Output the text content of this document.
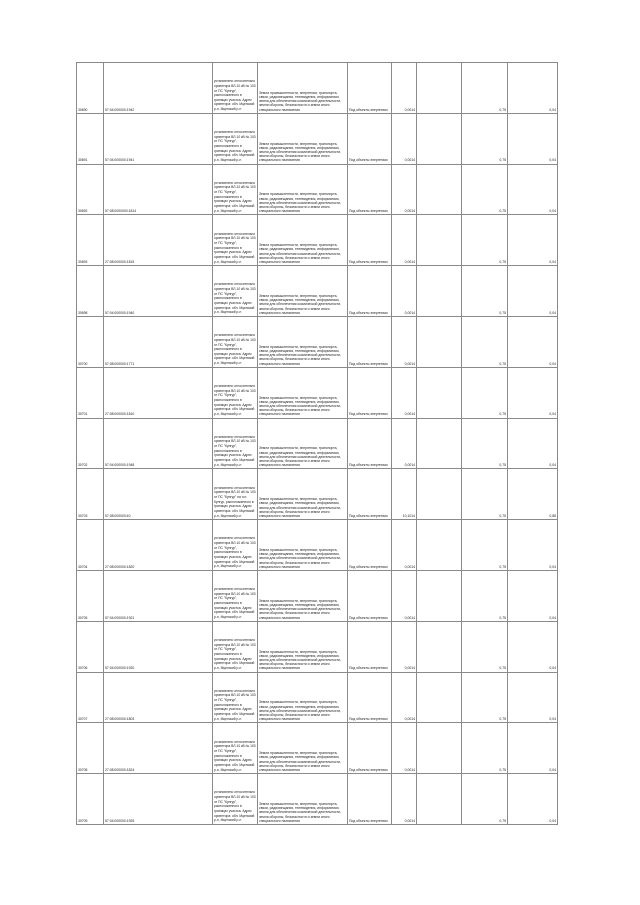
30690	57:04:000000:1942	установлено относительно ориентира ВЛ-10 кВ № 103 от ПС "Кунгур", расположенного в границах участка. Адрес ориентира: обл. Мценский р-н, Мценский р-н	Земли промышленности, энергетики, транспорта, связи, радиовещания, телевидения, информатики, земли для обеспечения космической деятельности, земли обороны, безопасности и земли иного специального назначения	Под объекты энергетики	0,0014		0,75	0,04
30691	57:04:000000:1941	установлено относительно ориентира ВЛ-10 кВ № 103 от ПС "Кунгур", расположенного в границах участка. Адрес ориентира: обл. Мценский р-н, Мценский р-н	Земли промышленности, энергетики, транспорта, связи, радиовещания, телевидения, информатики, земли для обеспечения космической деятельности, земли обороны, безопасности и земли иного специального назначения	Под объекты энергетики	0,0014		0,75	0,04
30692	57:08:0000000:1814	установлено относительно ориентира ВЛ-10 кВ № 103 от ПС "Кунгур", расположенного в границах участка. Адрес ориентира: обл. Мценский р-н, Мценский р-н	Земли промышленности, энергетики, транспорта, связи, радиовещания, телевидения, информатики, земли для обеспечения космической деятельности, земли обороны, безопасности и земли иного специального назначения	Под объекты энергетики	0,0014		0,75	0,04
30693	27:08:000000:1815	установлено относительно ориентира ВЛ-10 кВ № 103 от ПС "Кунгур", расположенного в границах участка. Адрес ориентира: обл. Мценский р-н, Мценский р-н	Земли промышленности, энергетики, транспорта, связи, радиовещания, телевидения, информатики, земли для обеспечения космической деятельности, земли обороны, безопасности и земли иного специального назначения	Под объекты энергетики	0,0014		0,75	0,04
30698	57:04:000000:1940	установлено относительно ориентира ВЛ-10 кВ № 103 от ПС "Кунгур", расположенного в границах участка. Адрес ориентира: обл. Мценский р-н, Мценский р-н	Земли промышленности, энергетики, транспорта, связи, радиовещания, телевидения, информатики, земли для обеспечения космической деятельности, земли обороны, безопасности и земли иного специального назначения	Под объекты энергетики	0,0014		0,75	0,04
30700	57:08:000000:1771	установлено относительно ориентира ВЛ-10 кВ № 103 от ПС "Кунгур", расположенного в границах участка. Адрес ориентира: обл. Мценский р-н, Мценский р-н	Земли промышленности, энергетики, транспорта, связи, радиовещания, телевидения, информатики, земли для обеспечения космической деятельности, земли обороны, безопасности и земли иного специального назначения	Под объекты энергетики	0,0014		0,75	0,04
30701	27:08:000000:1810	установлено относительно ориентира ВЛ-10 кВ № 103 от ПС "Кунгур", расположенного в границах участка. Адрес ориентира: обл. Мценский р-н, Мценский р-н	Земли промышленности, энергетики, транспорта, связи, радиовещания, телевидения, информатики, земли для обеспечения космической деятельности, земли обороны, безопасности и земли иного специального назначения	Под объекты энергетики	0,0014		0,75	0,04
30702	57:04:000000:1948	установлено относительно ориентира ВЛ-10 кВ № 103 от ПС "Кунгур", расположенного в границах участка. Адрес ориентира: обл. Мценский р-н, Мценский р-н	Земли промышленности, энергетики, транспорта, связи, радиовещания, телевидения, информатики, земли для обеспечения космической деятельности, земли обороны, безопасности и земли иного специального назначения	Под объекты энергетики	0,0014		0,75	0,04
30703	57:08:000000:40	установлено относительно ориентира ВЛ-10 кВ № 103 от ПС "Кунгур" на н.п. Кунгур, расположенного в границах участка. Адрес ориентира: обл. Мценский р-н, Мценский р-н	Земли промышленности, энергетики, транспорта, связи, радиовещания, телевидения, информатики, земли для обеспечения космической деятельности, земли обороны, безопасности и земли иного специального назначения	Под объекты энергетики	10,1014		0,75	0,88
30704	27:08:000000:1820	установлено относительно ориентира ВЛ-10 кВ № 103 от ПС "Кунгур", расположенного в границах участка. Адрес ориентира: обл. Мценский р-н, Мценский р-н	Земли промышленности, энергетики, транспорта, связи, радиовещания, телевидения, информатики, земли для обеспечения космической деятельности, земли обороны, безопасности и земли иного специального назначения	Под объекты энергетики	0,0014		0,75	0,04
30705	57:04:000000:1921	установлено относительно ориентира ВЛ-10 кВ № 103 от ПС "Кунгур", расположенного в границах участка. Адрес ориентира: обл. Мценский р-н, Мценский р-н	Земли промышленности, энергетики, транспорта, связи, радиовещания, телевидения, информатики, земли для обеспечения космической деятельности, земли обороны, безопасности и земли иного специального назначения	Под объекты энергетики	0,0014		0,75	0,04
30706	57:04:000000:1920	установлено относительно ориентира ВЛ-10 кВ № 103 от ПС "Кунгур", расположенного в границах участка. Адрес ориентира: обл. Мценский р-н, Мценский р-н	Земли промышленности, энергетики, транспорта, связи, радиовещания, телевидения, информатики, земли для обеспечения космической деятельности, земли обороны, безопасности и земли иного специального назначения	Под объекты энергетики	0,0014		0,75	0,04
30707	27:08:000000:1803	установлено относительно ориентира ВЛ-10 кВ № 103 от ПС "Кунгур", расположенного в границах участка. Адрес ориентира: обл. Мценский р-н, Мценский р-н	Земли промышленности, энергетики, транспорта, связи, радиовещания, телевидения, информатики, земли для обеспечения космической деятельности, земли обороны, безопасности и земли иного специального назначения	Под объекты энергетики	0,0014		0,75	0,04
30708	27:08:000000:1824	установлено относительно ориентира ВЛ-10 кВ № 103 от ПС "Кунгур", расположенного в границах участка. Адрес ориентира: обл. Мценский р-н, Мценский р-н	Земли промышленности, энергетики, транспорта, связи, радиовещания, телевидения, информатики, земли для обеспечения космической деятельности, земли обороны, безопасности и земли иного специального назначения	Под объекты энергетики	0,0014		0,75	0,04
30709	57:04:000000:1925	установлено относительно ориентира ВЛ-10 кВ № 103 от ПС "Кунгур", расположенного в границах участка. Адрес ориентира: обл. Мценский р-н, Мценский р-н	Земли промышленности, энергетики, транспорта, связи, радиовещания, телевидения, информатики, земли для обеспечения космической деятельности, земли обороны, безопасности и земли иного специального назначения	Под объекты энергетики	0,0014		0,75	0,04
